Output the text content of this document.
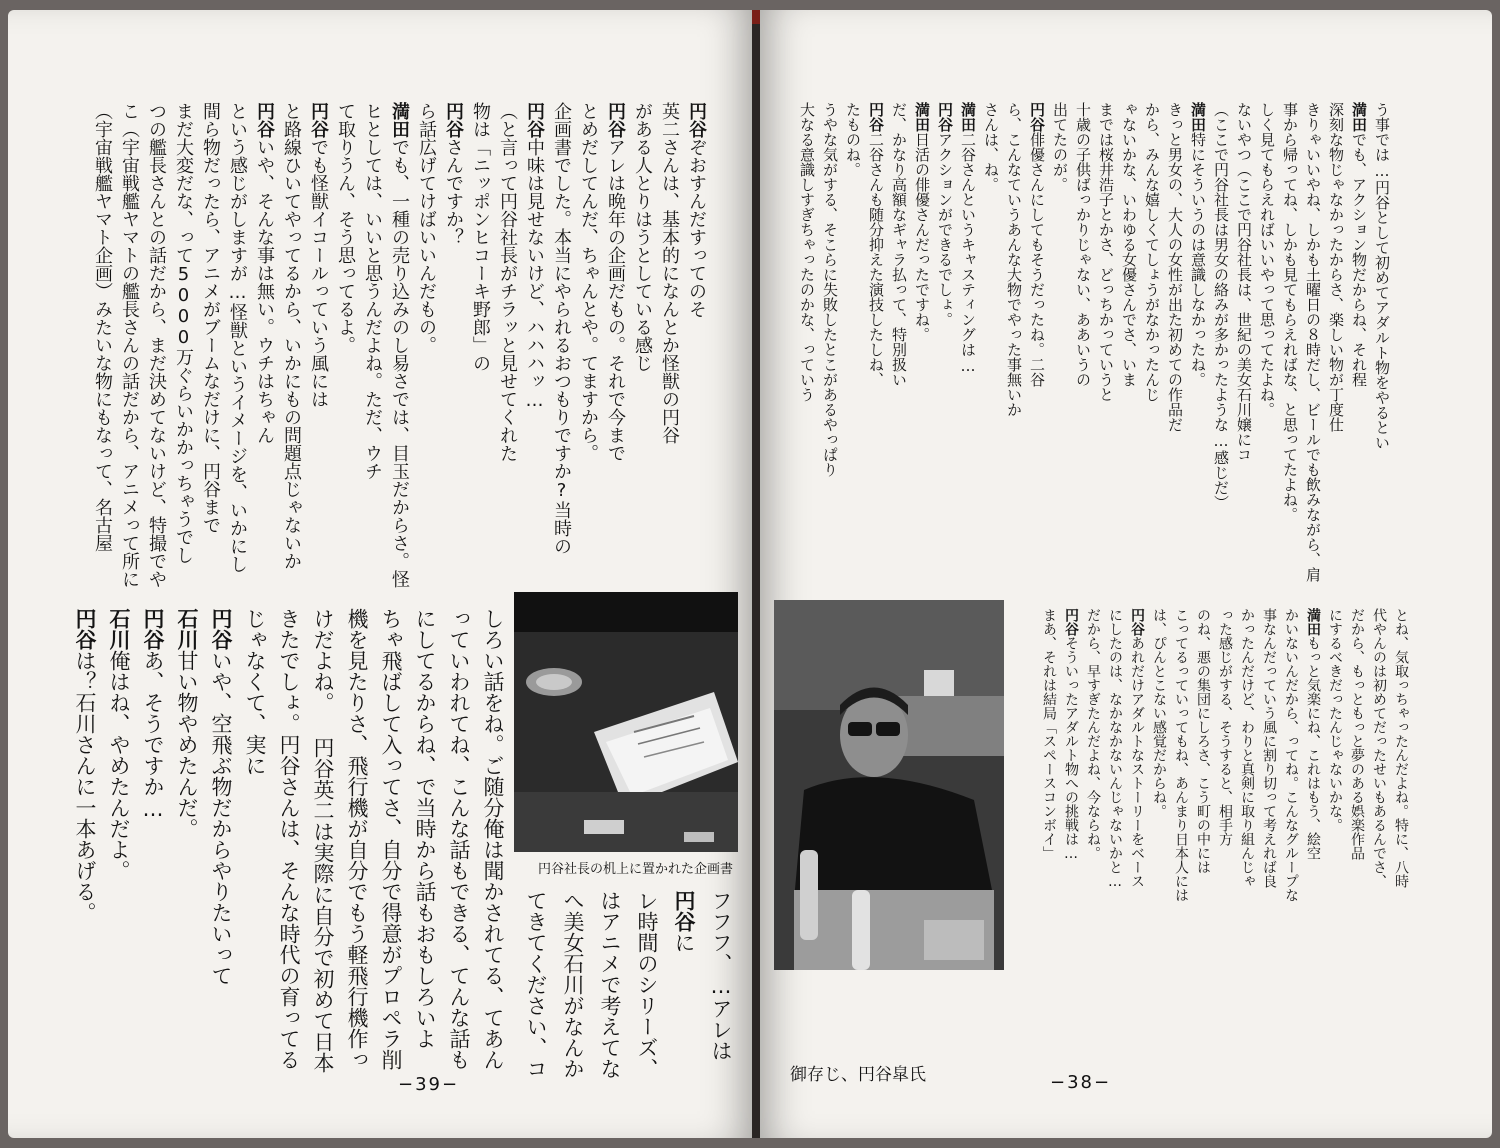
円谷ぞおすんだすってのそ
英二さんは、基本的になんとか怪獣の円谷
がある人とりはうとしている感じ
円谷アレは晩年の企画だもの。それで今まで
とめだしてんだ、ちゃんとや。てますから。
企画書でした。本当にやられるおつもりですか?当時の
円谷中味は見せないけど、ハハハッ…
（と言って円谷社長がチラッと見せてくれた
物は「ニッポンヒコーキ野郎」の
円谷さんですか？
ら話広げてけばいいんだもの。
満田でも、一種の売り込みのし易さでは、目玉だからさ。怪
ヒとしては、いいと思うんだよね。ただ、ウチ
て取りうん、そう思ってるよ。
円谷でも怪獣イコールっていう風には
と路線ひいてやってるから、いかにもの問題点じゃないか
円谷いや、そんな事は無い。ウチはちゃん
という感じがしますが…怪獣というイメージを、いかにし
間ら物だったら、アニメがブームなだけに、円谷まで
まだ大変だな、って5000万ぐらいかかっちゃうでし
つの艦長さんとの話だから、まだ決めてないけど、特撮でや
こ（宇宙戦艦ヤマトの艦長さんの話だから、アニメって所に
（宇宙戦艦ヤマト企画）みたいな物にもなって、名古屋
円谷社長の机上に置かれた企画書
フフフ、…アレは
円谷に
レ時間のシリーズ、
はアニメで考えてな
へ美女石川がなんか
てきてください、コ
しろい話をね。ご随分俺は聞かされてる、てあん
っていわれてね、こんな話もできる、てんな話も
にしてるからね、で当時から話もおもしろいよ
ちゃ飛ばして入ってさ、自分で得意がプロペラ削
機を見たりさ、飛行機が自分でもう軽飛行機作っ
けだよね。 円谷英二は実際に自分で初めて日本
きたでしょ。円谷さんは、そんな時代の育ってる
じゃなくて、実に
円谷いや、空飛ぶ物だからやりたいって
石川甘い物やめたんだ。
円谷あ、そうですか…
石川俺はね、やめたんだよ。
円谷は？石川さんに一本あげる。
−39−
う事では…円谷として初めてアダルト物をやるとい
満田でも、アクション物だからね、それ程
深刻な物じゃなかったからさ、楽しい物が丁度仕
きりゃいいやね、しかも土曜日の８時だし、ビールでも飲みながら、肩
事から帰ってね、しかも見てもらえればな、と思ってたよね。
しく見てもらえればいいやって思ってたよね。
ないやつ（ここで円谷社長は、世紀の美女石川嬢にコ
（ここで円谷社長は男女の絡みが多かったような…感じだ）
満田特にそういうのは意識しなかったね。
きっと男女の、大人の女性が出た初めての作品だ
から、みんな嬉しくてしょうがなかったんじ
ゃないかな、いわゆる女優さんでさ、いま
までは桜井浩子とかさ、どっちかっていうと
十歳の子供ばっかりじゃない、ああいうの
出てたのが。
円谷俳優さんにしてもそうだったね。二谷
ら、こんなていうあんな大物でやった事無いか
さんは、ね。
満田二谷さんというキャスティングは…
円谷アクションができるでしょ。
満田日活の俳優さんだったですね。
だ、かなり高額なギャラ払って、特別扱い
円谷二谷さんも随分抑えた演技したしね、
たものね。
うやな気がする、そこらに失敗したとこがあるやっぱり
大なる意識しすぎちゃったのかな、っていう
御存じ、円谷皐氏
とね、気取っちゃったんだよね。特に、八時
代やんのは初めてだったせいもあるんでさ、
だから、もっともっと夢のある娯楽作品
にするべきだったんじゃないかな。
満田もっと気楽にね、これはもう、絵空
かいないんだから、ってね。こんなグループな
事なんだっていう風に割り切って考えれば良
かったんだけど、わりと真剣に取り組んじゃ
った感じがする、そうすると、相手方
のね、悪の集団にしろさ、こう町の中には
こってるっていってもね、あんまり日本人には
は、ぴんとこない感覚だからね。
円谷あれだけアダルトなストーリーをベース
にしたのは、なかなかないんじゃないかと…
だから、早すぎたんだよね、今ならね。
円谷そういったアダルト物への挑戦は…
まあ、それは結局「スペースコンボイ」
−38−
